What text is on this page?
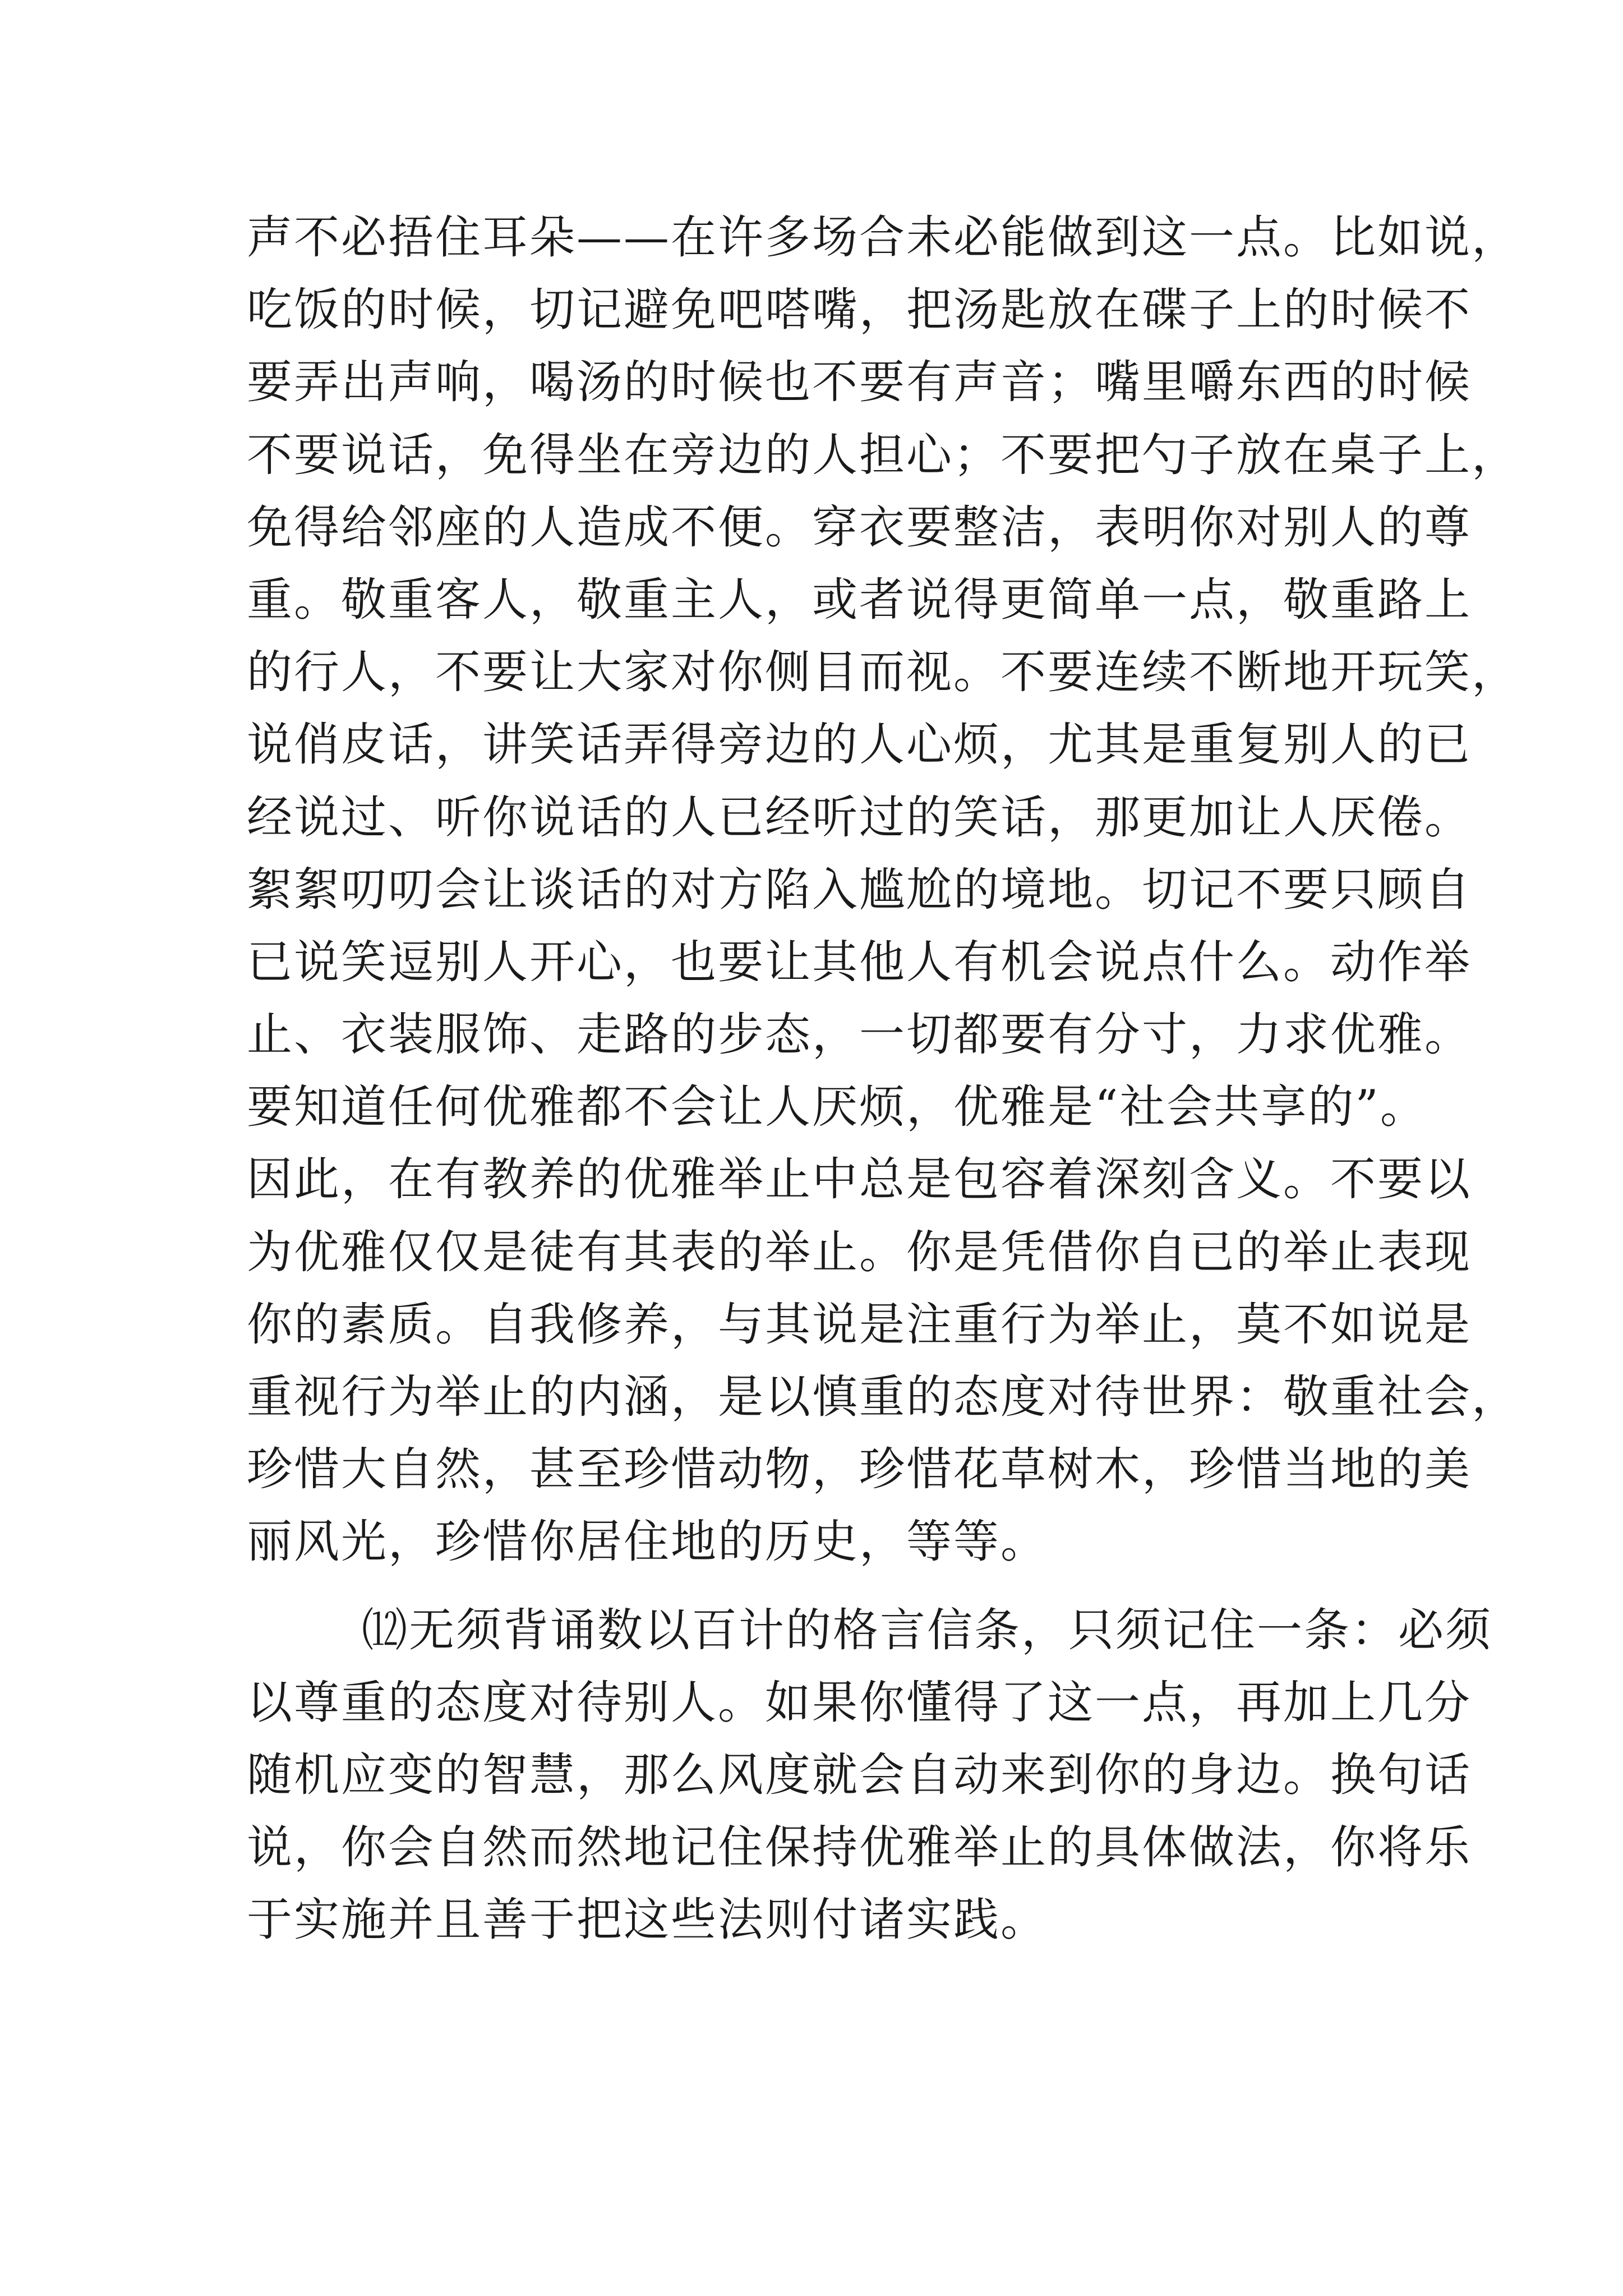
声不必捂住耳朵——在许多场合未必能做到这一点。比如说，
吃饭的时候，切记避免吧嗒嘴，把汤匙放在碟子上的时候不
要弄出声响，喝汤的时候也不要有声音；嘴里嚼东西的时候
不要说话，免得坐在旁边的人担心；不要把勺子放在桌子上，
免得给邻座的人造成不便。穿衣要整洁，表明你对别人的尊
重。敬重客人，敬重主人，或者说得更简单一点，敬重路上
的行人，不要让大家对你侧目而视。不要连续不断地开玩笑，
说俏皮话，讲笑话弄得旁边的人心烦，尤其是重复别人的已
经说过、听你说话的人已经听过的笑话，那更加让人厌倦。
絮絮叨叨会让谈话的对方陷入尴尬的境地。切记不要只顾自
已说笑逗别人开心，也要让其他人有机会说点什么。动作举
止、衣装服饰、走路的步态，一切都要有分寸，力求优雅。
要知道任何优雅都不会让人厌烦，优雅是“社会共享的”。
因此，在有教养的优雅举止中总是包容着深刻含义。不要以
为优雅仅仅是徒有其表的举止。你是凭借你自已的举止表现
你的素质。自我修养，与其说是注重行为举止，莫不如说是
重视行为举止的内涵，是以慎重的态度对待世界：敬重社会，
珍惜大自然，甚至珍惜动物，珍惜花草树木，珍惜当地的美
丽风光，珍惜你居住地的历史，等等。
⑿无须背诵数以百计的格言信条，只须记住一条：必须
以尊重的态度对待别人。如果你懂得了这一点，再加上几分
随机应变的智慧，那么风度就会自动来到你的身边。换句话
说，你会自然而然地记住保持优雅举止的具体做法，你将乐
于实施并且善于把这些法则付诸实践。
